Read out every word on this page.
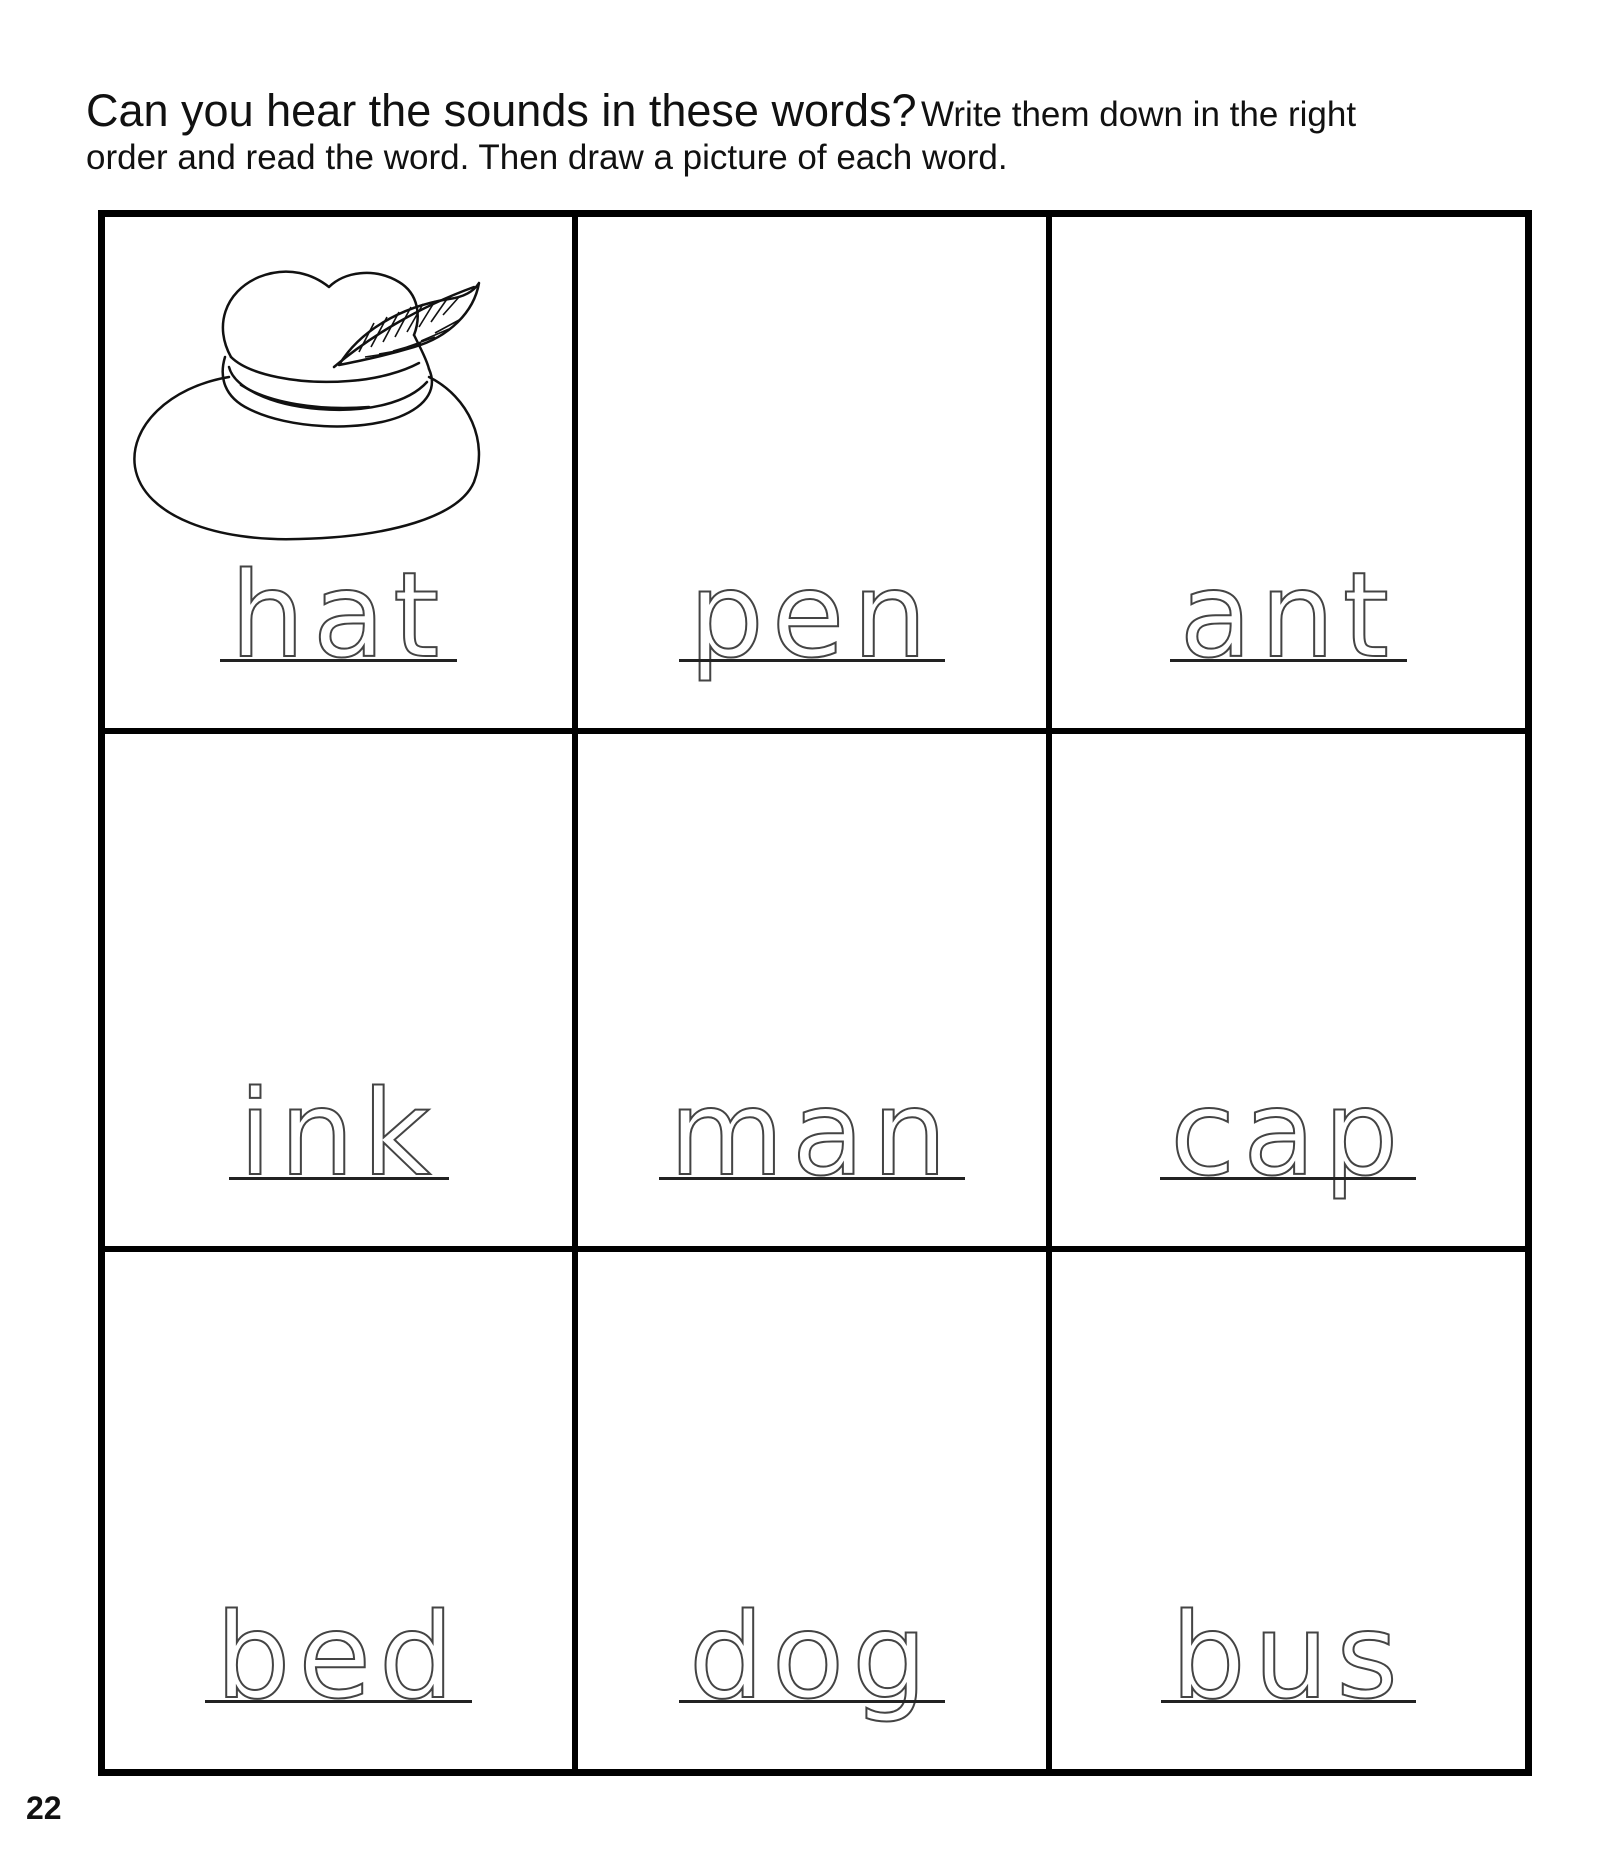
Can you hear the sounds in these words? Write them down in the right
order and read the word. Then draw a picture of each word.
hat	pen	ant
ink	man	cap
bed	dog	bus
22
